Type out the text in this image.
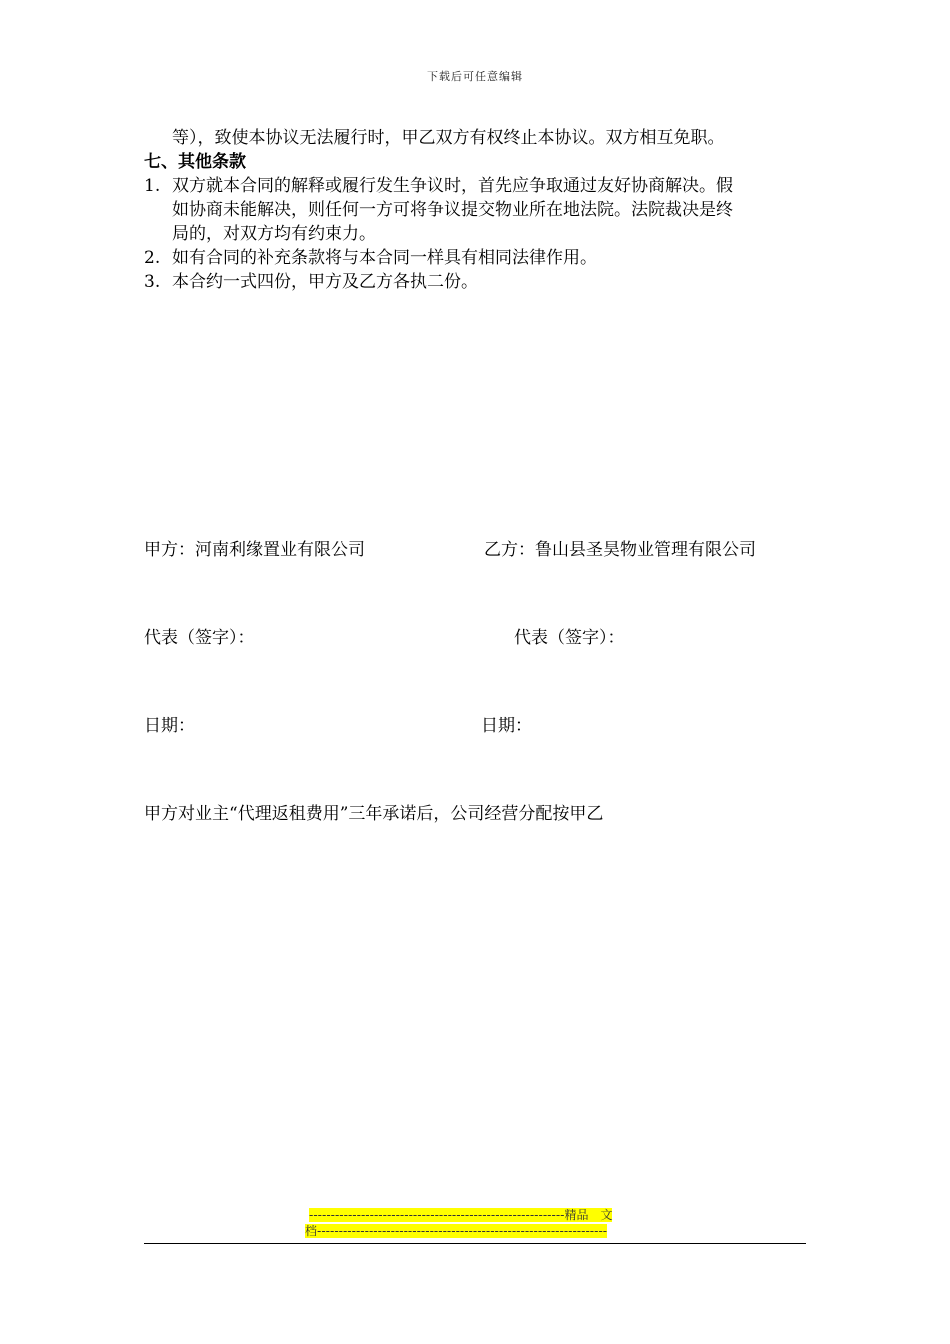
下载后可任意编辑
等），致使本协议无法履行时，甲乙双方有权终止本协议。双方相互免职。
七、其他条款
1. 双方就本合同的解释或履行发生争议时，首先应争取通过友好协商解决。假
如协商未能解决，则任何一方可将争议提交物业所在地法院。法院裁决是终
局的，对双方均有约束力。
2. 如有合同的补充条款将与本合同一样具有相同法律作用。
3. 本合约一式四份，甲方及乙方各执二份。
甲方：河南利缘置业有限公司	乙方：鲁山县圣昊物业管理有限公司
代表（签字）：	代表（签字）：
日期：	日期：
甲方对业主“代理返租费用”三年承诺后，公司经营分配按甲乙
-----------------------------------------------------------精品　文
档-------------------------------------------------------------------
